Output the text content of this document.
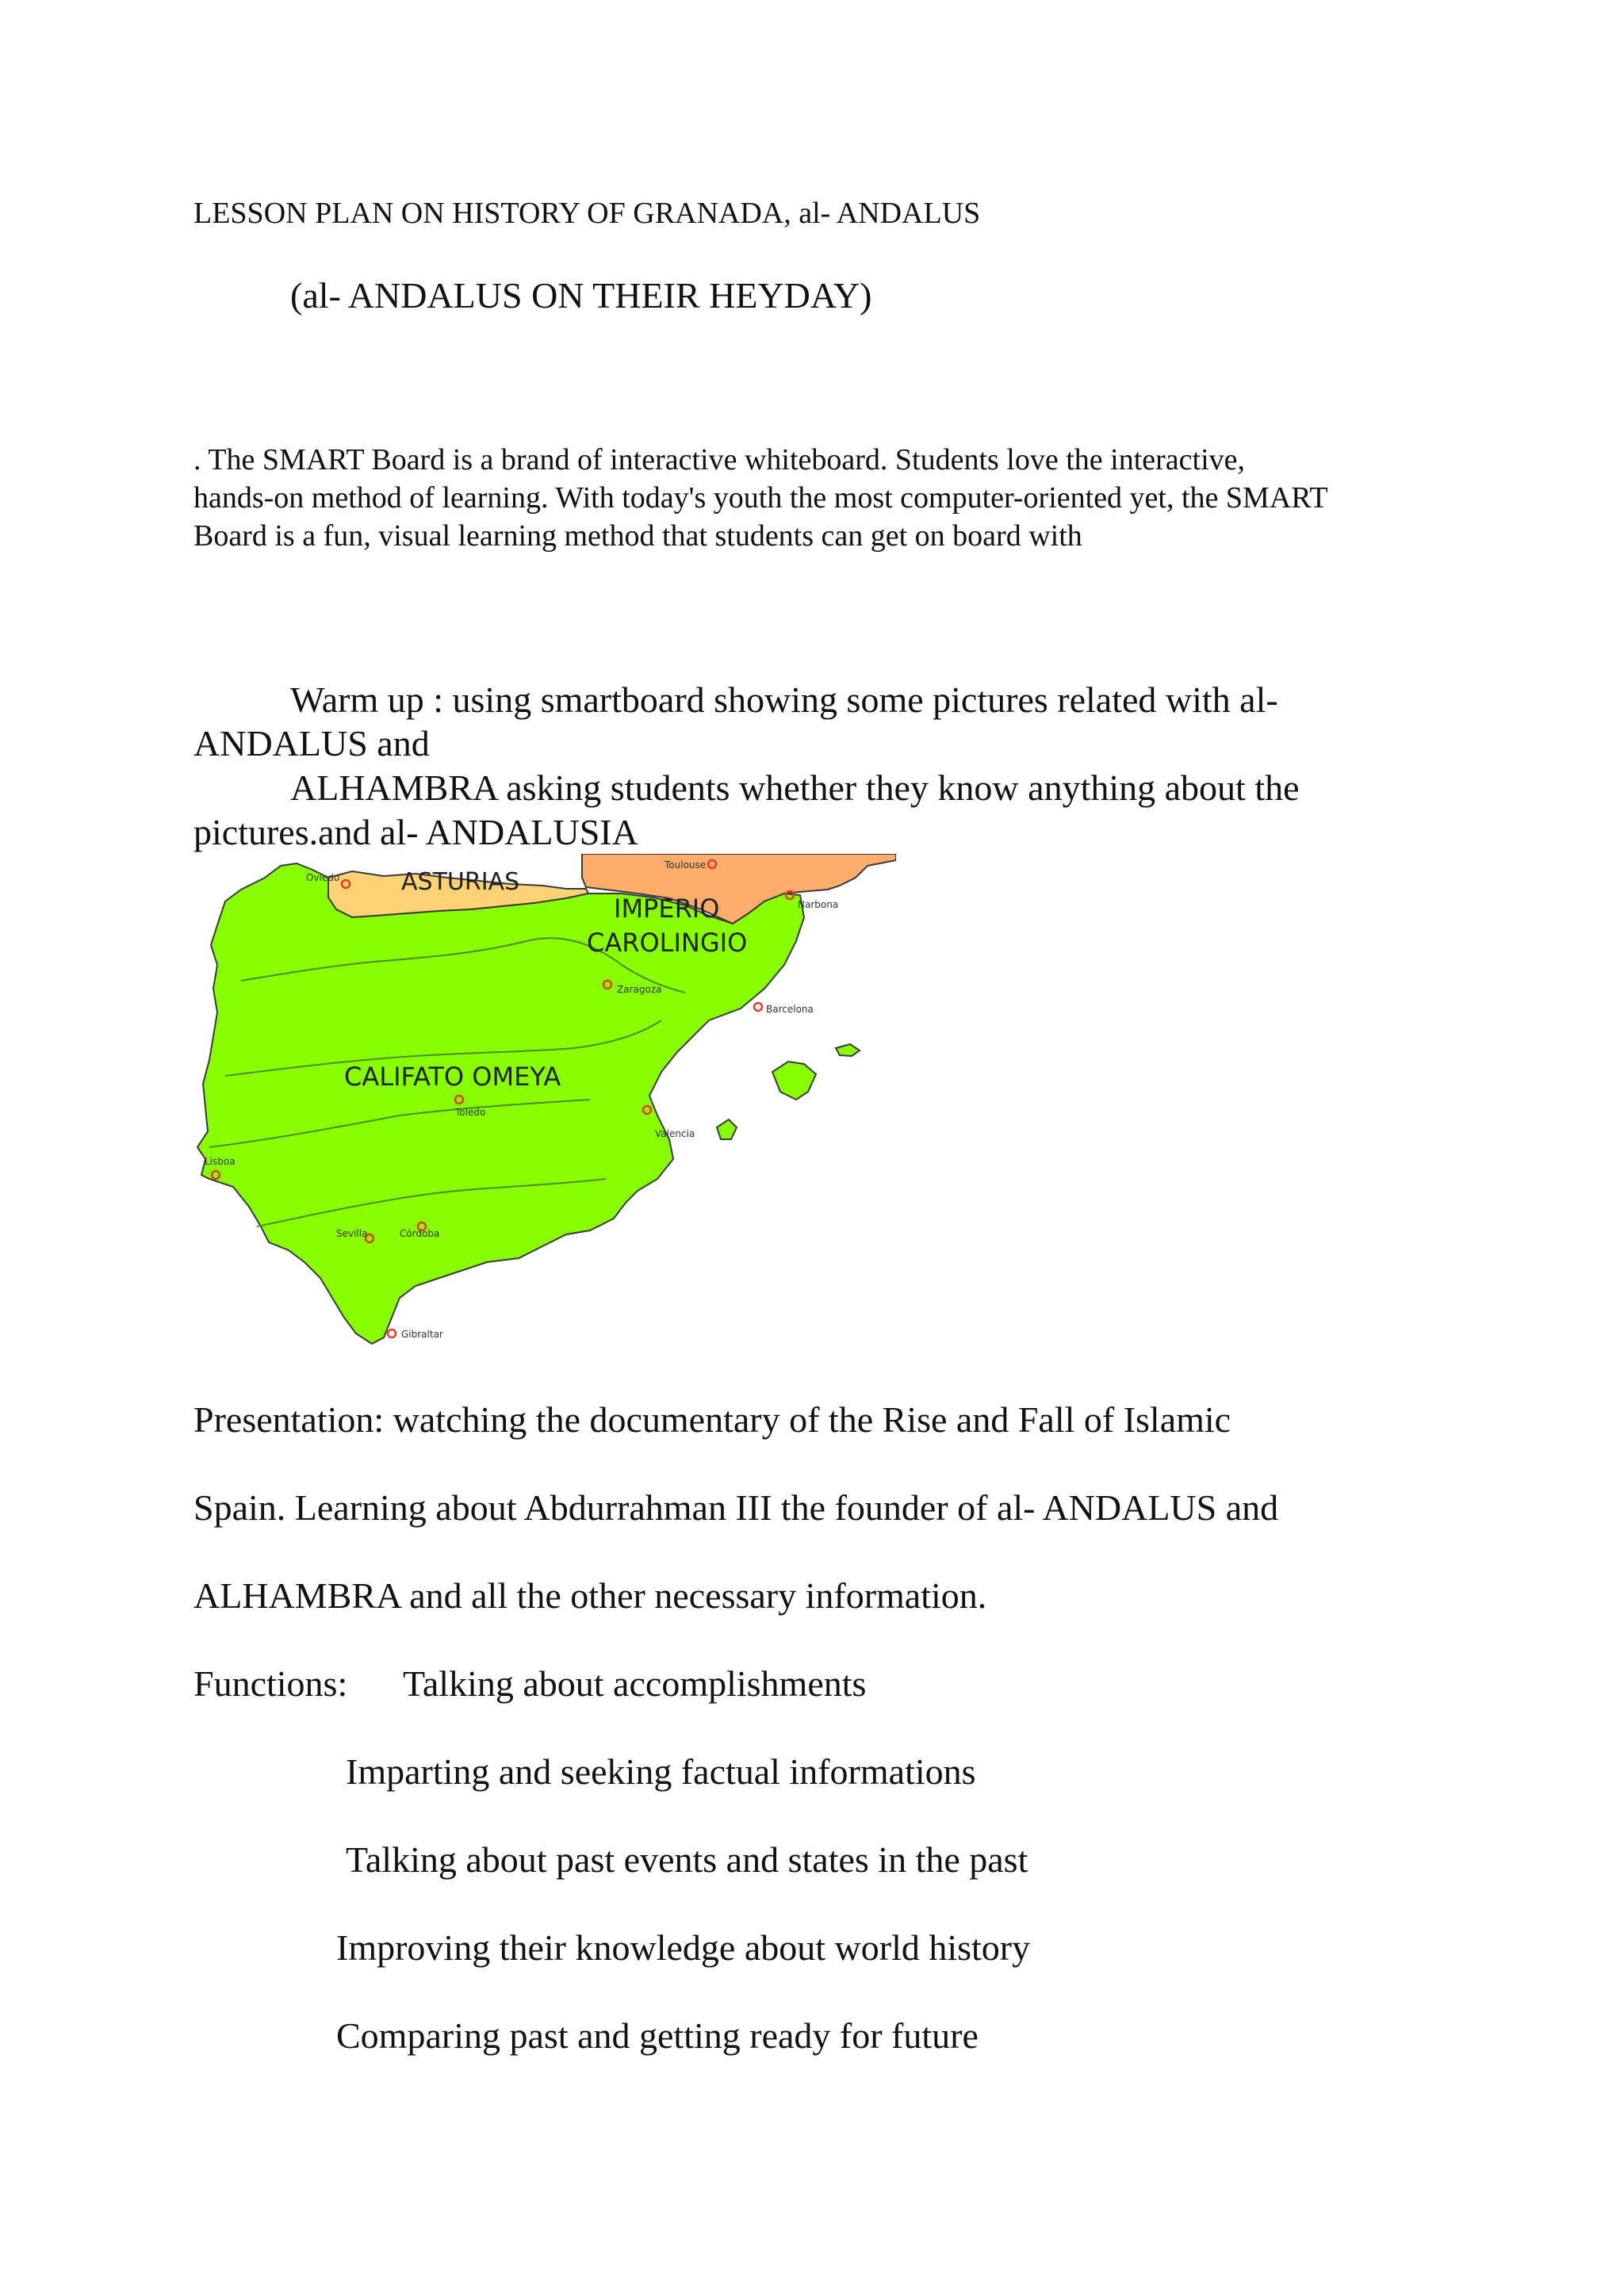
LESSON PLAN ON HISTORY OF GRANADA, al- ANDALUS

(al- ANDALUS ON THEIR HEYDAY)

. The SMART Board is a brand of interactive whiteboard. Students love the interactive,
hands-on method of learning. With today's youth the most computer-oriented yet, the SMART
Board is a fun, visual learning method that students can get on board with

Warm up : using smartboard showing some pictures related with al-

ANDALUS and

ALHAMBRA asking students whether they know anything about the

pictures.and al- ANDALUSIA

ASTURIAS
IMPERIO
CAROLINGIO
CALIFATO OMEYA
Oviedo
Toulouse
Narbona
Zaragoza
Barcelona
Toledo
Valencia
Lisboa
Sevilla	Córdoba
Gibraltar

Presentation: watching the documentary of the Rise and Fall of Islamic

Spain. Learning about Abdurrahman III the founder of al- ANDALUS and

ALHAMBRA and all the other necessary information.

Functions: Talking about accomplishments

Imparting and seeking factual informations

Talking about past events and states in the past

Improving their knowledge about world history

Comparing past and getting ready for future
